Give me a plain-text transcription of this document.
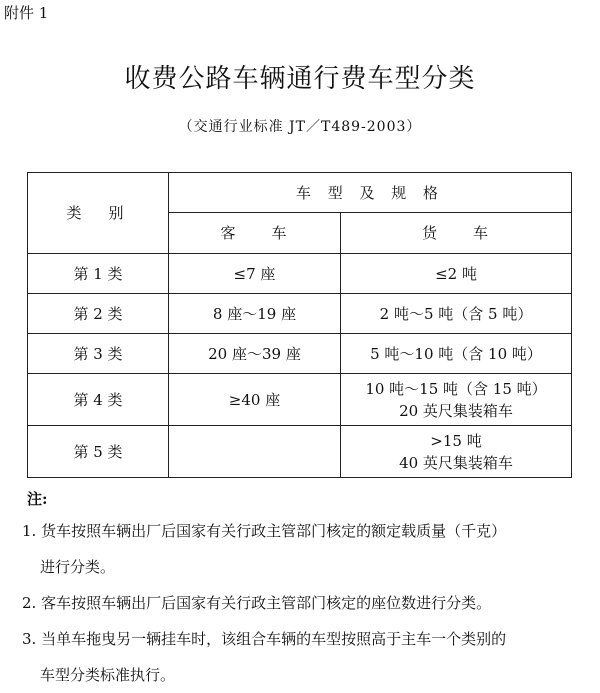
附件 1
收费公路车辆通行费车型分类
（交通行业标准 JT／T489-2003）
类　别	车 型 及 规 格	
	客　　车	货　　车
第 1 类	≤7 座	≤2 吨
第 2 类	8 座～19 座	2 吨～5 吨（含 5 吨）
第 3 类	20 座～39 座	5 吨～10 吨（含 10 吨）
第 4 类	≥40 座	10 吨～15 吨（含 15 吨）
20 英尺集装箱车

第 5 类		>15 吨
40 英尺集装箱车
注:
1. 货车按照车辆出厂后国家有关行政主管部门核定的额定载质量（千克）
进行分类。
2. 客车按照车辆出厂后国家有关行政主管部门核定的座位数进行分类。
3. 当单车拖曳另一辆挂车时，该组合车辆的车型按照高于主车一个类别的
车型分类标准执行。
